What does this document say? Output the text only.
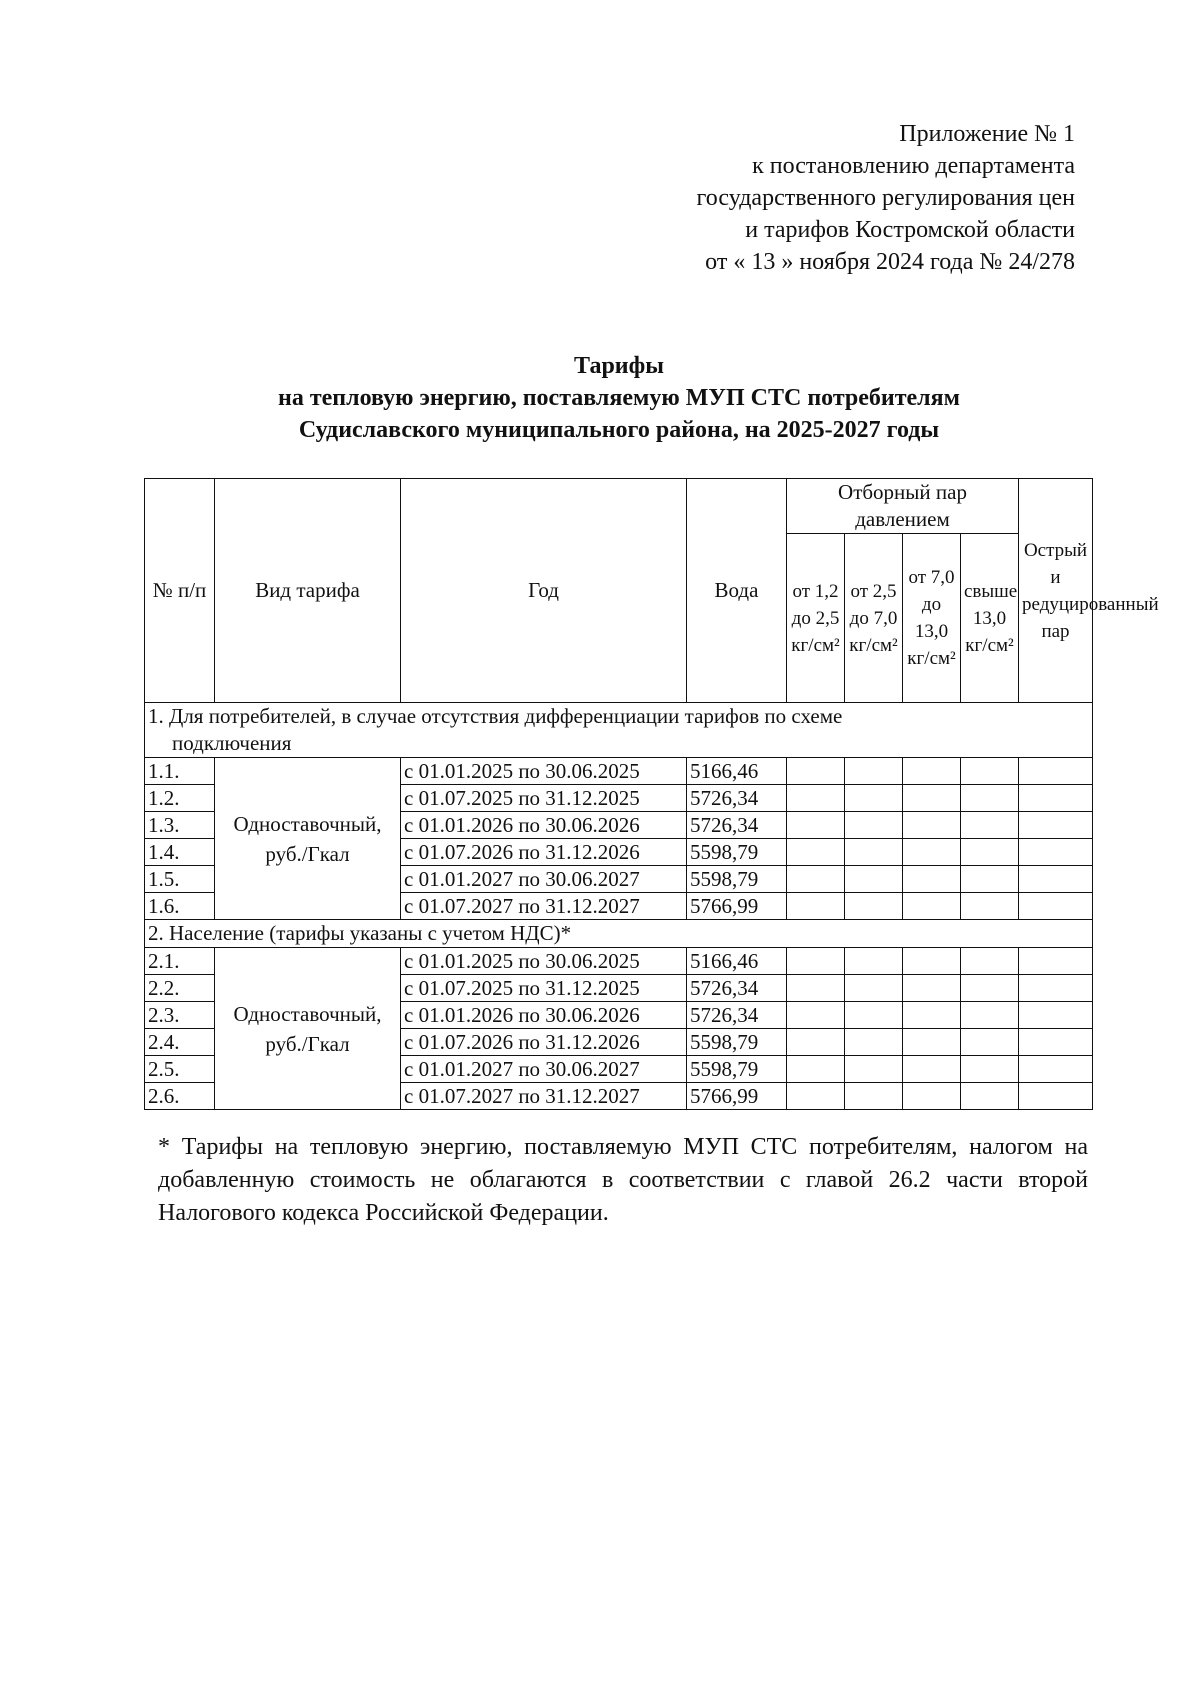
Приложение № 1
к постановлению департамента
государственного регулирования цен
и тарифов Костромской области
от « 13 » ноября 2024 года № 24/278
Тарифы
на тепловую энергию, поставляемую МУП СТС потребителям
Судиславского муниципального района, на 2025-2027 годы
№ п/п	Вид тарифа	Год	Вода	Отборный пар давлением				Острый и редуцированный пар
				от 1,2 до 2,5 кг/см²	от 2,5 до 7,0 кг/см²	от 7,0 до 13,0 кг/см²	свыше 13,0 кг/см²	

1. Для потребителей, в случае отсутствия дифференциации тарифов по схеме
подключения								

1.1.	Одноставочный, руб./Гкал	с 01.01.2025 по 30.06.2025	5166,46					
1.2.		с 01.07.2025 по 31.12.2025	5726,34					
1.3.		с 01.01.2026 по 30.06.2026	5726,34					
1.4.		с 01.07.2026 по 31.12.2026	5598,79					
1.5.		с 01.01.2027 по 30.06.2027	5598,79					
1.6.		с 01.07.2027 по 31.12.2027	5766,99					

2. Население (тарифы указаны с учетом НДС)*								

2.1.	Одноставочный, руб./Гкал	с 01.01.2025 по 30.06.2025	5166,46					
2.2.		с 01.07.2025 по 31.12.2025	5726,34					
2.3.		с 01.01.2026 по 30.06.2026	5726,34					
2.4.		с 01.07.2026 по 31.12.2026	5598,79					
2.5.		с 01.01.2027 по 30.06.2027	5598,79					
2.6.		с 01.07.2027 по 31.12.2027	5766,99					
* Тарифы на тепловую энергию, поставляемую МУП СТС потребителям, налогом на добавленную стоимость не облагаются в соответствии с главой 26.2 части второй Налогового кодекса Российской Федерации.
